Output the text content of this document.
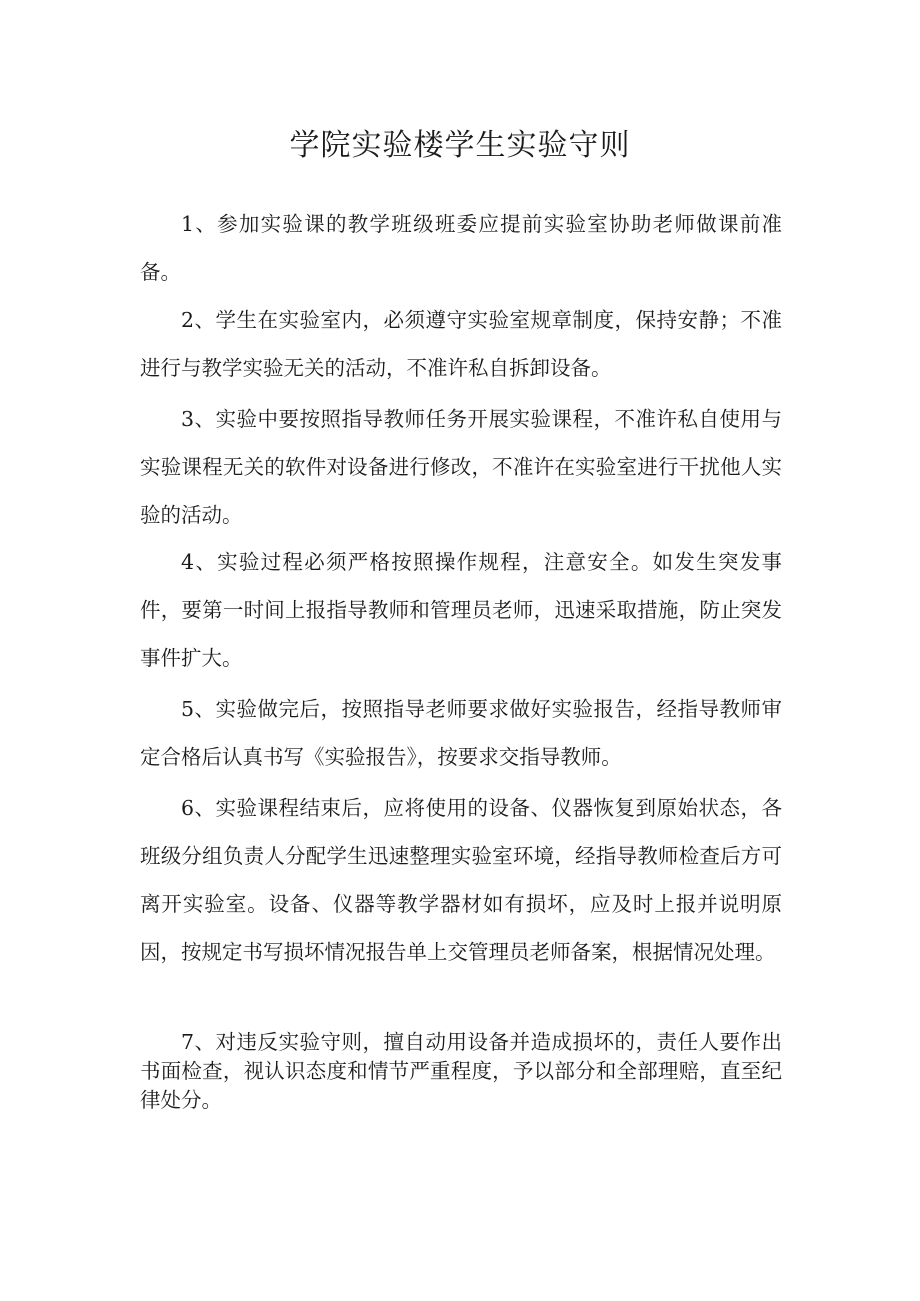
学院实验楼学生实验守则

1、参加实验课的教学班级班委应提前实验室协助老师做课前准备。

2、学生在实验室内，必须遵守实验室规章制度，保持安静；不准进行与教学实验无关的活动，不准许私自拆卸设备。

3、实验中要按照指导教师任务开展实验课程，不准许私自使用与实验课程无关的软件对设备进行修改，不准许在实验室进行干扰他人实验的活动。

4、实验过程必须严格按照操作规程，注意安全。如发生突发事件，要第一时间上报指导教师和管理员老师，迅速采取措施，防止突发事件扩大。

5、实验做完后，按照指导老师要求做好实验报告，经指导教师审定合格后认真书写《实验报告》，按要求交指导教师。

6、实验课程结束后，应将使用的设备、仪器恢复到原始状态，各班级分组负责人分配学生迅速整理实验室环境，经指导教师检查后方可离开实验室。设备、仪器等教学器材如有损坏，应及时上报并说明原因，按规定书写损坏情况报告单上交管理员老师备案，根据情况处理。

7、对违反实验守则，擅自动用设备并造成损坏的，责任人要作出书面检查，视认识态度和情节严重程度，予以部分和全部理赔，直至纪律处分。
